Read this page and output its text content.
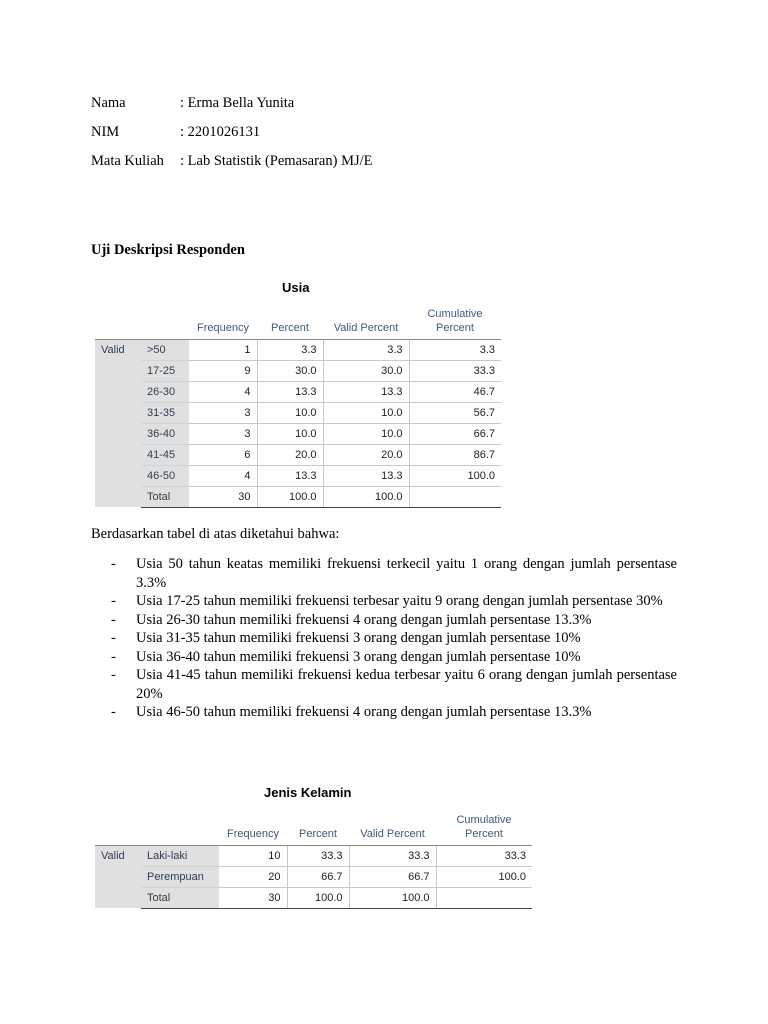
Nama	: Erma Bella Yunita
NIM	: 2201026131
Mata Kuliah : Lab Statistik (Pemasaran) MJ/E
Uji Deskripsi Responden
Usia
		Frequency	Percent	Valid Percent	Cumulative Percent
Valid	>50	1	3.3	3.3	3.3
	17-25	9	30.0	30.0	33.3
	26-30	4	13.3	13.3	46.7
	31-35	3	10.0	10.0	56.7
	36-40	3	10.0	10.0	66.7
	41-45	6	20.0	20.0	86.7
	46-50	4	13.3	13.3	100.0
	Total	30	100.0	100.0	
Berdasarkan tabel di atas diketahui bahwa:
- Usia 50 tahun keatas memiliki frekuensi terkecil yaitu 1 orang dengan jumlah persentase 3.3%
- Usia 17-25 tahun memiliki frekuensi terbesar yaitu 9 orang dengan jumlah persentase 30%
- Usia 26-30 tahun memiliki frekuensi 4 orang dengan jumlah persentase 13.3%
- Usia 31-35 tahun memiliki frekuensi 3 orang dengan jumlah persentase 10%
- Usia 36-40 tahun memiliki frekuensi 3 orang dengan jumlah persentase 10%
- Usia 41-45 tahun memiliki frekuensi kedua terbesar yaitu 6 orang dengan jumlah persentase 20%
- Usia 46-50 tahun memiliki frekuensi 4 orang dengan jumlah persentase 13.3%
Jenis Kelamin
		Frequency	Percent	Valid Percent	Cumulative Percent
Valid	Laki-laki	10	33.3	33.3	33.3
	Perempuan	20	66.7	66.7	100.0
	Total	30	100.0	100.0	
